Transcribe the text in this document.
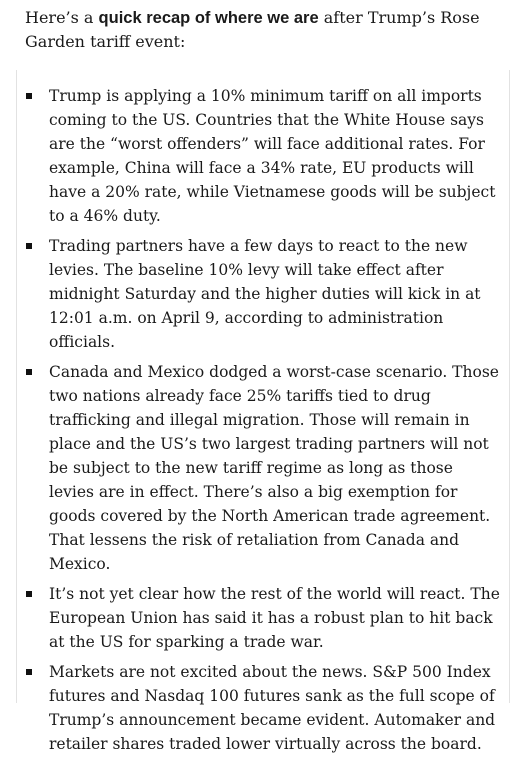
Here’s a quick recap of where we are after Trump’s Rose Garden tariff event:

Trump is applying a 10% minimum tariff on all imports coming to the US. Countries that the White House says are the “worst offenders” will face additional rates. For example, China will face a 34% rate, EU products will have a 20% rate, while Vietnamese goods will be subject to a 46% duty.
Trading partners have a few days to react to the new levies. The baseline 10% levy will take effect after midnight Saturday and the higher duties will kick in at 12:01 a.m. on April 9, according to administration officials.
Canada and Mexico dodged a worst-case scenario. Those two nations already face 25% tariffs tied to drug trafficking and illegal migration. Those will remain in place and the US’s two largest trading partners will not be subject to the new tariff regime as long as those levies are in effect. There’s also a big exemption for goods covered by the North American trade agreement. That lessens the risk of retaliation from Canada and Mexico.
It’s not yet clear how the rest of the world will react. The European Union has said it has a robust plan to hit back at the US for sparking a trade war.
Markets are not excited about the news. S&P 500 Index futures and Nasdaq 100 futures sank as the full scope of Trump’s announcement became evident. Automaker and retailer shares traded lower virtually across the board.
